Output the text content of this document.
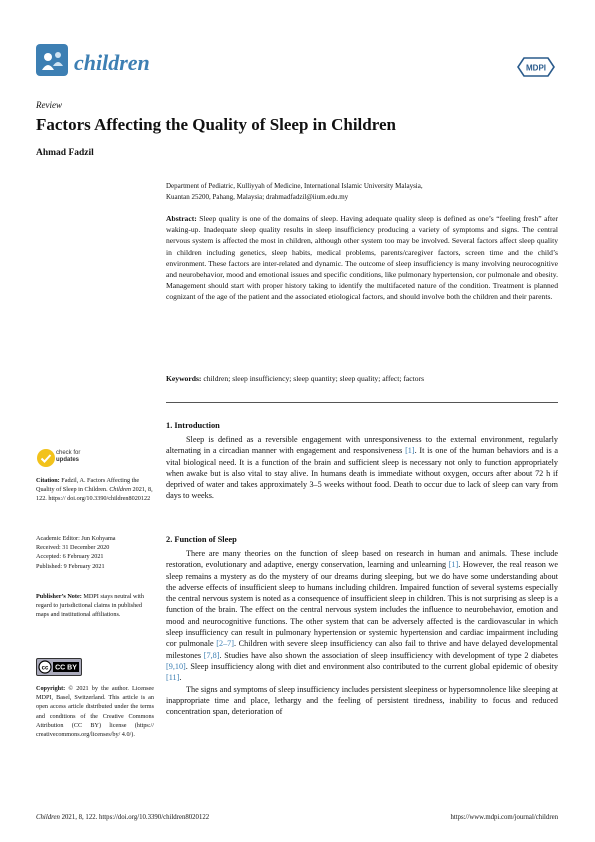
children	MDPI
Review
Factors Affecting the Quality of Sleep in Children
Ahmad Fadzil
Department of Pediatric, Kulliyyah of Medicine, International Islamic University Malaysia,
Kuantan 25200, Pahang, Malaysia; drahmadfadzil@iium.edu.my
Abstract: Sleep quality is one of the domains of sleep. Having adequate quality sleep is defined as one’s “feeling fresh” after waking-up. Inadequate sleep quality results in sleep insufficiency producing a variety of symptoms and signs. The central nervous system is affected the most in children, although other system too may be involved. Several factors affect sleep quality in children including genetics, sleep habits, medical problems, parents/caregiver factors, screen time and the child’s environment. These factors are inter-related and dynamic. The outcome of sleep insufficiency is many involving neurocognitive and neurobehavior, mood and emotional issues and specific conditions, like pulmonary hypertension, cor pulmonale and obesity. Management should start with proper history taking to identify the multifaceted nature of the condition. Treatment is planned cognizant of the age of the patient and the associated etiological factors, and should involve both the children and their parents.
Keywords: children; sleep insufficiency; sleep quantity; sleep quality; affect; factors
check for
updates

Citation: Fadzil, A. Factors Affecting the Quality of Sleep in Children. Children 2021, 8, 122. https:// doi.org/10.3390/children8020122

Academic Editor: Jun Kohyama

Received: 31 December 2020

Accepted: 6 February 2021

Published: 9 February 2021

Publisher’s Note: MDPI stays neutral with regard to jurisdictional claims in published maps and institutional affiliations.

cc CC BY

Copyright: © 2021 by the author. Licensee MDPI, Basel, Switzerland. This article is an open access article distributed under the terms and conditions of the Creative Commons Attribution (CC BY) license (https:// creativecommons.org/licenses/by/ 4.0/).

1. Introduction

Sleep is defined as a reversible engagement with unresponsiveness to the external environment, regularly alternating in a circadian manner with engagement and responsiveness [1]. It is one of the human behaviors and is a vital biological need. It is a function of the brain and sufficient sleep is necessary not only to function appropriately when awake but is also vital to stay alive. In humans death is immediate without oxygen, occurs after about 72 h if deprived of water and takes approximately 3–5 weeks without food. Death to occur due to lack of sleep can vary from days to weeks.

2. Function of Sleep

There are many theories on the function of sleep based on research in human and animals. These include restoration, evolutionary and adaptive, energy conservation, learning and unlearning [1]. However, the real reason we sleep remains a mystery as do the mystery of our dreams during sleeping, but we do have some understanding about the adverse effects of insufficient sleep to humans including children. Impaired function of several systems especially the central nervous system is noted as a consequence of insufficient sleep in children. This is not surprising as sleep is a function of the brain. The effect on the central nervous system includes the influence to neurobehavior, emotion and mood and neurocognitive functions. The other system that can be adversely affected is the cardiovascular in which sleep insufficiency can result in pulmonary hypertension or systemic hypertension and cardiac impairment including cor pulmonale [2–7]. Children with severe sleep insufficiency can also fail to thrive and have delayed developmental milestones [7,8]. Studies have also shown the association of sleep insufficiency with development of type 2 diabetes [9,10]. Sleep insufficiency along with diet and environment also contributed to the current global epidemic of obesity [11].

The signs and symptoms of sleep insufficiency includes persistent sleepiness or hypersomnolence like sleeping at inappropriate time and place, lethargy and the feeling of persistent tiredness, inability to focus and reduced concentration span, deterioration of

Children 2021, 8, 122. https://doi.org/10.3390/children8020122	https://www.mdpi.com/journal/children
